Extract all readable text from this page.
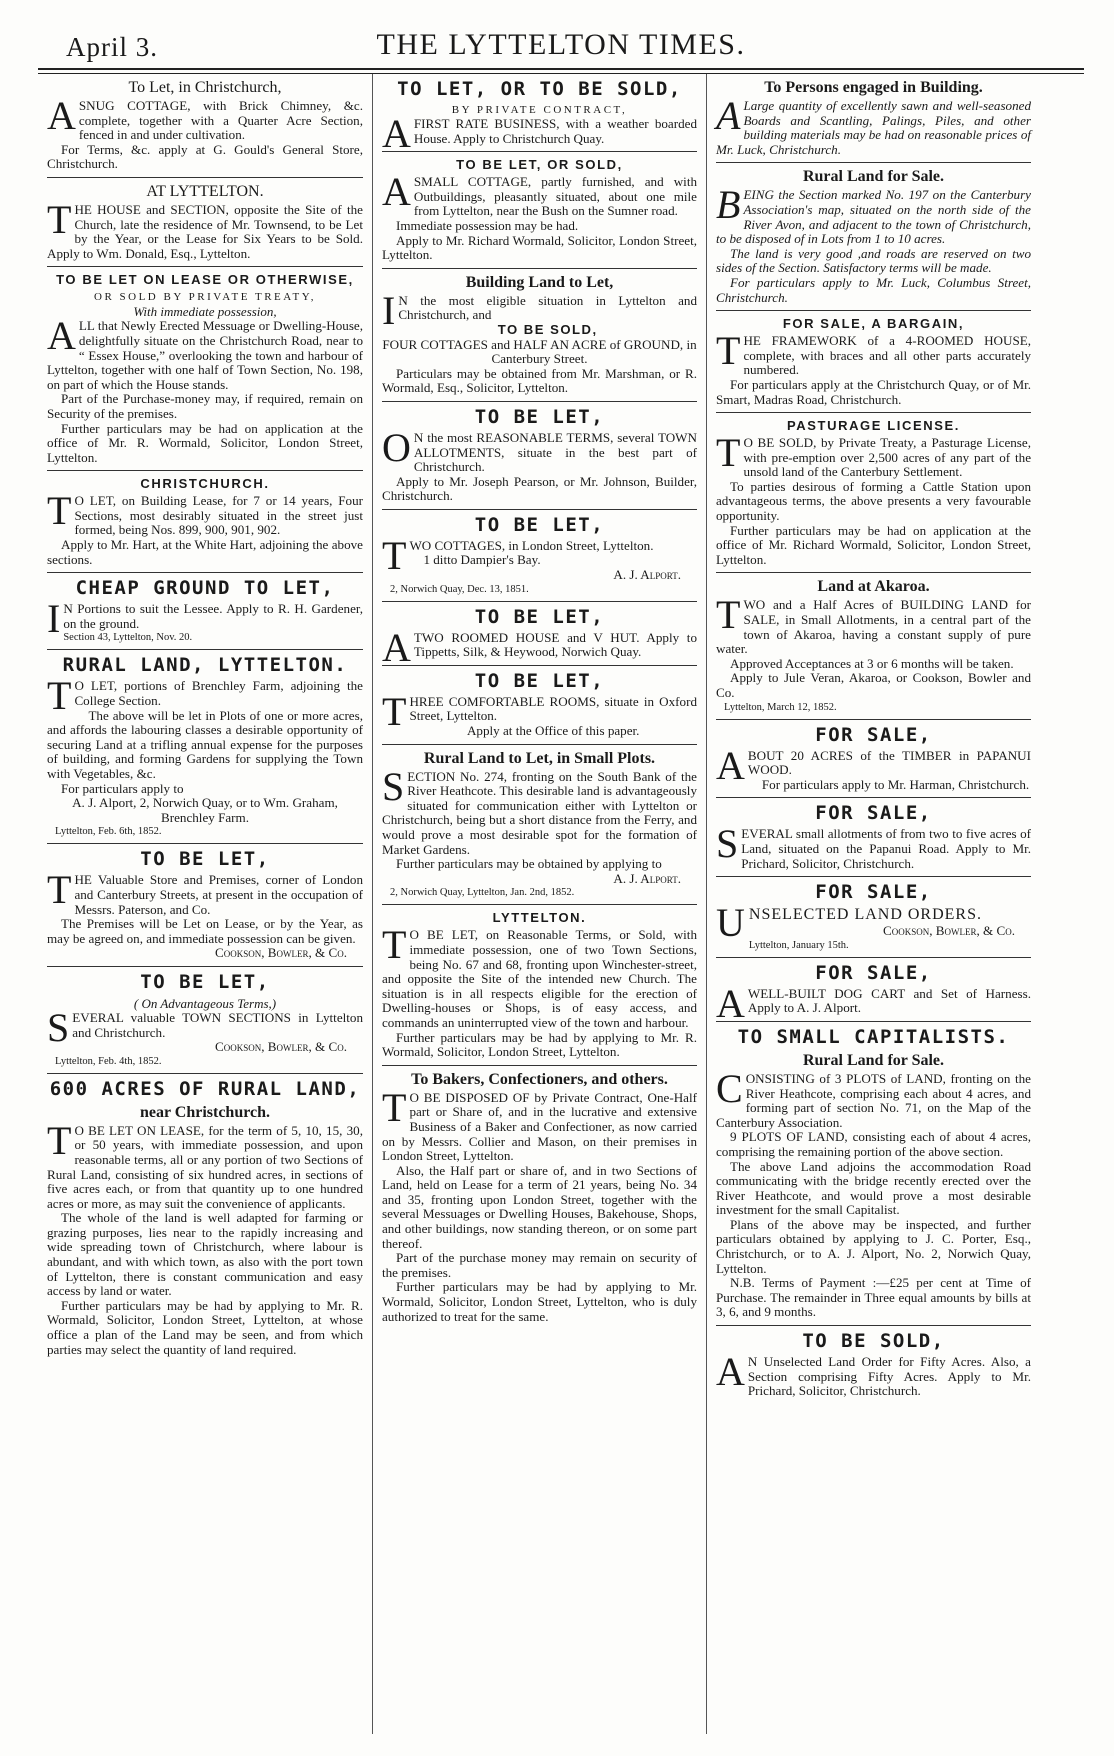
April 3.	THE LYTTELTON TIMES.
To Let, in Christchurch,

ASNUG COTTAGE, with Brick Chimney, &c. complete, together with a Quarter Acre Section, fenced in and under cultivation.

For Terms, &c. apply at G. Gould's General Store, Christchurch.

AT LYTTELTON.

THE HOUSE and SECTION, opposite the Site of the Church, late the residence of Mr. Townsend, to be Let by the Year, or the Lease for Six Years to be Sold. Apply to Wm. Donald, Esq., Lyttelton.

TO BE LET ON LEASE OR OTHERWISE,
OR SOLD BY PRIVATE TREATY,
With immediate possession,

ALL that Newly Erected Messuage or Dwelling-House, delightfully situate on the Christchurch Road, near to “ Essex House,” overlooking the town and harbour of Lyttelton, together with one half of Town Section, No. 198, on part of which the House stands.

Part of the Purchase-money may, if required, remain on Security of the premises.

Further particulars may be had on application at the office of Mr. R. Wormald, Solicitor, London Street, Lyttelton.

CHRISTCHURCH.

TO LET, on Building Lease, for 7 or 14 years, Four Sections, most desirably situated in the street just formed, being Nos. 899, 900, 901, 902.

Apply to Mr. Hart, at the White Hart, adjoining the above sections.

CHEAP GROUND TO LET,

IN Portions to suit the Lessee. Apply to R. H. Gardener, on the ground.

Section 43, Lyttelton, Nov. 20.

RURAL LAND, LYTTELTON.

TO LET, portions of Brenchley Farm, adjoining the College Section.

The above will be let in Plots of one or more acres, and affords the labouring classes a desirable opportunity of securing Land at a trifling annual expense for the purposes of building, and forming Gardens for supplying the Town with Vegetables, &c.

For particulars apply to

A. J. Alport, 2, Norwich Quay, or to Wm. Graham, Brenchley Farm.

Lyttelton, Feb. 6th, 1852.

TO BE LET,

THE Valuable Store and Premises, corner of London and Canterbury Streets, at present in the occupation of Messrs. Paterson, and Co.

The Premises will be Let on Lease, or by the Year, as may be agreed on, and immediate possession can be given.

Cookson, Bowler, & Co.

TO BE LET,
( On Advantageous Terms,)

SEVERAL valuable TOWN SECTIONS in Lyttelton and Christchurch.

Cookson, Bowler, & Co.

Lyttelton, Feb. 4th, 1852.

600 ACRES OF RURAL LAND,
near Christchurch.

TO BE LET ON LEASE, for the term of 5, 10, 15, 30, or 50 years, with immediate possession, and upon reasonable terms, all or any portion of two Sections of Rural Land, consisting of six hundred acres, in sections of five acres each, or from that quantity up to one hundred acres or more, as may suit the convenience of applicants.

The whole of the land is well adapted for farming or grazing purposes, lies near to the rapidly increasing and wide spreading town of Christchurch, where labour is abundant, and with which town, as also with the port town of Lyttelton, there is constant communication and easy access by land or water.

Further particulars may be had by applying to Mr. R. Wormald, Solicitor, London Street, Lyttelton, at whose office a plan of the Land may be seen, and from which parties may select the quantity of land required.

TO LET, OR TO BE SOLD,
BY PRIVATE CONTRACT,

AFIRST RATE BUSINESS, with a weather boarded House. Apply to Christchurch Quay.

TO BE LET, OR SOLD,

ASMALL COTTAGE, partly furnished, and with Outbuildings, pleasantly situated, about one mile from Lyttelton, near the Bush on the Sumner road.

Immediate possession may be had.

Apply to Mr. Richard Wormald, Solicitor, London Street, Lyttelton.

Building Land to Let,

IN the most eligible situation in Lyttelton and Christchurch, and

TO BE SOLD,

FOUR COTTAGES and HALF AN ACRE of GROUND, in Canterbury Street.

Particulars may be obtained from Mr. Marshman, or R. Wormald, Esq., Solicitor, Lyttelton.

TO BE LET,

ON the most REASONABLE TERMS, several TOWN ALLOTMENTS, situate in the best part of Christchurch.

Apply to Mr. Joseph Pearson, or Mr. Johnson, Builder, Christchurch.

TO BE LET,

TWO COTTAGES, in London Street, Lyttelton.

1 ditto Dampier's Bay.

A. J. Alport.

2, Norwich Quay, Dec. 13, 1851.

TO BE LET,

ATWO ROOMED HOUSE and V HUT. Apply to Tippetts, Silk, & Heywood, Norwich Quay.

TO BE LET,

THREE COMFORTABLE ROOMS, situate in Oxford Street, Lyttelton.

Apply at the Office of this paper.

Rural Land to Let, in Small Plots.

SECTION No. 274, fronting on the South Bank of the River Heathcote. This desirable land is advantageously situated for communication either with Lyttelton or Christchurch, being but a short distance from the Ferry, and would prove a most desirable spot for the formation of Market Gardens.

Further particulars may be obtained by applying to

A. J. Alport.

2, Norwich Quay, Lyttelton, Jan. 2nd, 1852.

LYTTELTON.

TO BE LET, on Reasonable Terms, or Sold, with immediate possession, one of two Town Sections, being No. 67 and 68, fronting upon Winchester-street, and opposite the Site of the intended new Church. The situation is in all respects eligible for the erection of Dwelling-houses or Shops, is of easy access, and commands an uninterrupted view of the town and harbour.

Further particulars may be had by applying to Mr. R. Wormald, Solicitor, London Street, Lyttelton.

To Bakers, Confectioners, and others.

TO BE DISPOSED OF by Private Contract, One-Half part or Share of, and in the lucrative and extensive Business of a Baker and Confectioner, as now carried on by Messrs. Collier and Mason, on their premises in London Street, Lyttelton.

Also, the Half part or share of, and in two Sections of Land, held on Lease for a term of 21 years, being No. 34 and 35, fronting upon London Street, together with the several Messuages or Dwelling Houses, Bakehouse, Shops, and other buildings, now standing thereon, or on some part thereof.

Part of the purchase money may remain on security of the premises.

Further particulars may be had by applying to Mr. Wormald, Solicitor, London Street, Lyttelton, who is duly authorized to treat for the same.

To Persons engaged in Building.

ALarge quantity of excellently sawn and well-seasoned Boards and Scantling, Palings, Piles, and other building materials may be had on reasonable prices of Mr. Luck, Christchurch.

Rural Land for Sale.

BEING the Section marked No. 197 on the Canterbury Association's map, situated on the north side of the River Avon, and adjacent to the town of Christchurch, to be disposed of in Lots from 1 to 10 acres.

The land is very good ,and roads are reserved on two sides of the Section. Satisfactory terms will be made.

For particulars apply to Mr. Luck, Columbus Street, Christchurch.

FOR SALE, A BARGAIN,

THE FRAMEWORK of a 4-ROOMED HOUSE, complete, with braces and all other parts accurately numbered.

For particulars apply at the Christchurch Quay, or of Mr. Smart, Madras Road, Christchurch.

PASTURAGE LICENSE.

TO BE SOLD, by Private Treaty, a Pasturage License, with pre-emption over 2,500 acres of any part of the unsold land of the Canterbury Settlement.

To parties desirous of forming a Cattle Station upon advantageous terms, the above presents a very favourable opportunity.

Further particulars may be had on application at the office of Mr. Richard Wormald, Solicitor, London Street, Lyttelton.

Land at Akaroa.

TWO and a Half Acres of BUILDING LAND for SALE, in Small Allotments, in a central part of the town of Akaroa, having a constant supply of pure water.

Approved Acceptances at 3 or 6 months will be taken.

Apply to Jule Veran, Akaroa, or Cookson, Bowler and Co.

Lyttelton, March 12, 1852.

FOR SALE,

ABOUT 20 ACRES of the TIMBER in PAPANUI WOOD.

For particulars apply to Mr. Harman, Christchurch.

FOR SALE,

SEVERAL small allotments of from two to five acres of Land, situated on the Papanui Road. Apply to Mr. Prichard, Solicitor, Christchurch.

FOR SALE,

UNSELECTED LAND ORDERS.

Cookson, Bowler, & Co.

Lyttelton, January 15th.

FOR SALE,

AWELL-BUILT DOG CART and Set of Harness. Apply to A. J. Alport.

TO SMALL CAPITALISTS.
Rural Land for Sale.

CONSISTING of 3 PLOTS of LAND, fronting on the River Heathcote, comprising each about 4 acres, and forming part of section No. 71, on the Map of the Canterbury Association.

9 PLOTS OF LAND, consisting each of about 4 acres, comprising the remaining portion of the above section.

The above Land adjoins the accommodation Road communicating with the bridge recently erected over the River Heathcote, and would prove a most desirable investment for the small Capitalist.

Plans of the above may be inspected, and further particulars obtained by applying to J. C. Porter, Esq., Christchurch, or to A. J. Alport, No. 2, Norwich Quay, Lyttelton.

N.B. Terms of Payment :—£25 per cent at Time of Purchase. The remainder in Three equal amounts by bills at 3, 6, and 9 months.

TO BE SOLD,

AN Unselected Land Order for Fifty Acres. Also, a Section comprising Fifty Acres. Apply to Mr. Prichard, Solicitor, Christchurch.
